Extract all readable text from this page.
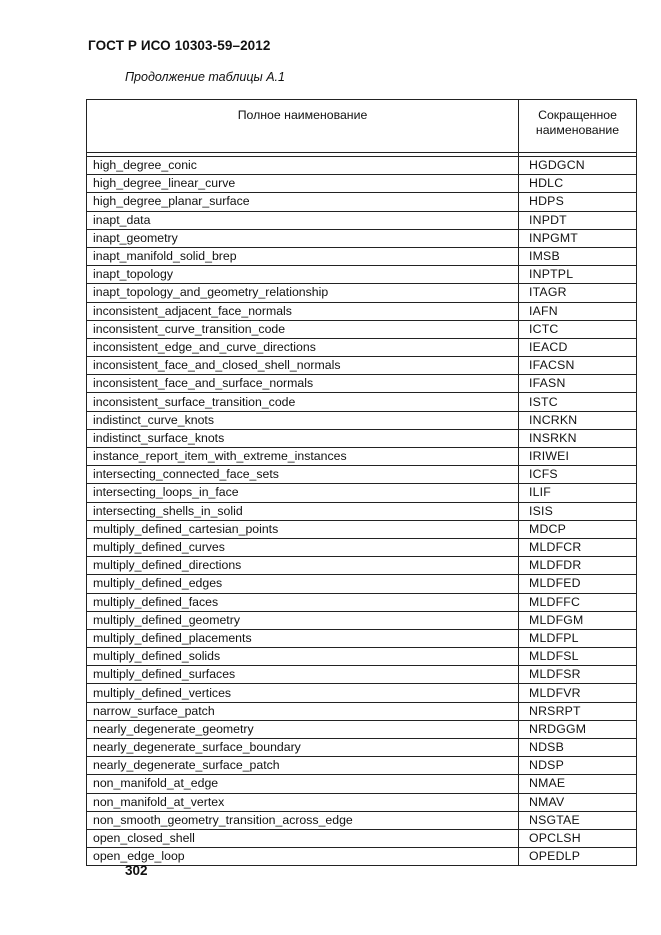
ГОСТ Р ИСО 10303-59–2012
Продолжение таблицы А.1
Полное наименование	Сокращенное наименование

high_degree_conic	HGDGCN
high_degree_linear_curve	HDLC
high_degree_planar_surface	HDPS
inapt_data	INPDT
inapt_geometry	INPGMT
inapt_manifold_solid_brep	IMSB
inapt_topology	INPTPL
inapt_topology_and_geometry_relationship	ITAGR
inconsistent_adjacent_face_normals	IAFN
inconsistent_curve_transition_code	ICTC
inconsistent_edge_and_curve_directions	IEACD
inconsistent_face_and_closed_shell_normals	IFACSN
inconsistent_face_and_surface_normals	IFASN
inconsistent_surface_transition_code	ISTC
indistinct_curve_knots	INCRKN
indistinct_surface_knots	INSRKN
instance_report_item_with_extreme_instances	IRIWEI
intersecting_connected_face_sets	ICFS
intersecting_loops_in_face	ILIF
intersecting_shells_in_solid	ISIS
multiply_defined_cartesian_points	MDCP
multiply_defined_curves	MLDFCR
multiply_defined_directions	MLDFDR
multiply_defined_edges	MLDFED
multiply_defined_faces	MLDFFC
multiply_defined_geometry	MLDFGM
multiply_defined_placements	MLDFPL
multiply_defined_solids	MLDFSL
multiply_defined_surfaces	MLDFSR
multiply_defined_vertices	MLDFVR
narrow_surface_patch	NRSRPT
nearly_degenerate_geometry	NRDGGM
nearly_degenerate_surface_boundary	NDSB
nearly_degenerate_surface_patch	NDSP
non_manifold_at_edge	NMAE
non_manifold_at_vertex	NMAV
non_smooth_geometry_transition_across_edge	NSGTAE
open_closed_shell	OPCLSH
open_edge_loop	OPEDLP
302
